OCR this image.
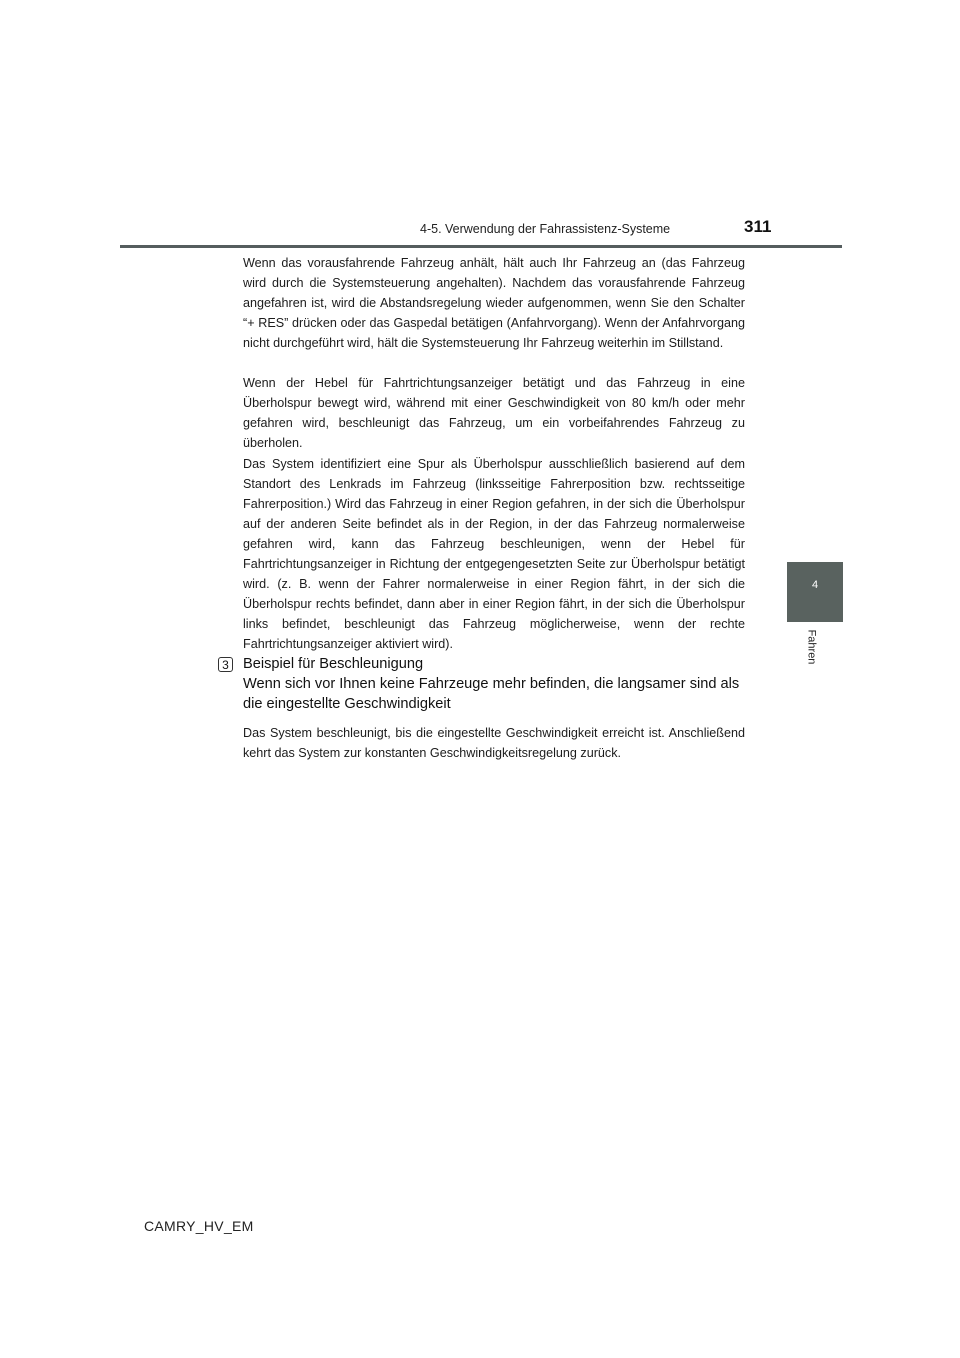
4-5. Verwendung der Fahrassistenz-Systeme	311
4
Fahren

Wenn das vorausfahrende Fahrzeug anhält, hält auch Ihr Fahrzeug an (das Fahrzeug wird durch die Systemsteuerung angehalten). Nachdem das vorausfahrende Fahrzeug angefahren ist, wird die Abstandsregelung wieder aufgenommen, wenn Sie den Schalter “+ RES” drücken oder das Gaspedal betätigen (Anfahrvorgang). Wenn der Anfahrvorgang nicht durchgeführt wird, hält die Systemsteuerung Ihr Fahrzeug weiterhin im Stillstand.

Wenn der Hebel für Fahrtrichtungsanzeiger betätigt und das Fahrzeug in eine Überholspur bewegt wird, während mit einer Geschwindigkeit von 80 km/h oder mehr gefahren wird, beschleunigt das Fahrzeug, um ein vorbeifahrendes Fahrzeug zu überholen.

Das System identifiziert eine Spur als Überholspur ausschließlich basierend auf dem Standort des Lenkrads im Fahrzeug (linksseitige Fahrerposition bzw. rechtsseitige Fahrerposition.) Wird das Fahrzeug in einer Region gefahren, in der sich die Überholspur auf der anderen Seite befindet als in der Region, in der das Fahrzeug normalerweise gefahren wird, kann das Fahrzeug beschleunigen, wenn der Hebel für Fahrtrichtungsanzeiger in Richtung der entgegengesetzten Seite zur Überholspur betätigt wird. (z. B. wenn der Fahrer normalerweise in einer Region fährt, in der sich die Überholspur rechts befindet, dann aber in einer Region fährt, in der sich die Überholspur links befindet, beschleunigt das Fahrzeug möglicherweise, wenn der rechte Fahrtrichtungsanzeiger aktiviert wird).

3 Beispiel für Beschleunigung
Wenn sich vor Ihnen keine Fahrzeuge mehr befinden, die langsamer sind als die eingestellte Geschwindigkeit

Das System beschleunigt, bis die eingestellte Geschwindigkeit erreicht ist. Anschließend kehrt das System zur konstanten Geschwindigkeitsregelung zurück.

CAMRY_HV_EM
